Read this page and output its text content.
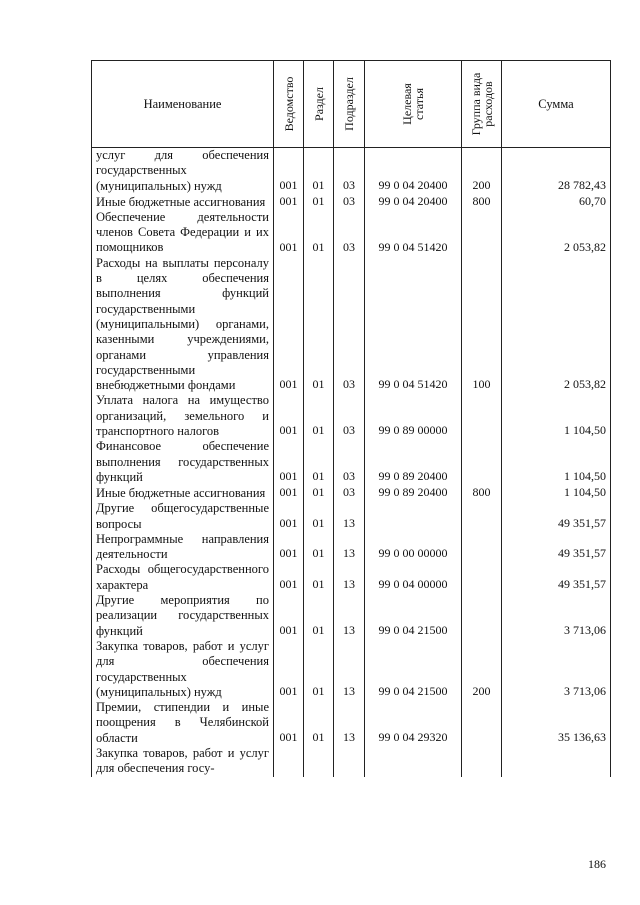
Наименование	Ведомство	Раздел	Подраздел	Целевая статья	Группа вида расходов	Сумма
услуг для обеспечения государственных (муниципальных) нужд	001	01	03	99 0 04 20400	200	28 782,43
Иные бюджетные ассигнования	001	01	03	99 0 04 20400	800	60,70
Обеспечение деятельности членов Совета Федерации и их помощников	001	01	03	99 0 04 51420		2 053,82
Расходы на выплаты персоналу в целях обеспечения выполнения функций государственными (муниципальными) органами, казенными учреждениями, органами управления государственными внебюджетными фондами	001	01	03	99 0 04 51420	100	2 053,82
Уплата налога на имущество организаций, земельного и транспортного налогов	001	01	03	99 0 89 00000		1 104,50
Финансовое обеспечение выполнения государственных функций	001	01	03	99 0 89 20400		1 104,50
Иные бюджетные ассигнования	001	01	03	99 0 89 20400	800	1 104,50
Другие общегосударственные вопросы	001	01	13			49 351,57
Непрограммные направления деятельности	001	01	13	99 0 00 00000		49 351,57
Расходы общегосударственного характера	001	01	13	99 0 04 00000		49 351,57
Другие мероприятия по реализации государственных функций	001	01	13	99 0 04 21500		3 713,06
Закупка товаров, работ и услуг для обеспечения государственных (муниципальных) нужд	001	01	13	99 0 04 21500	200	3 713,06
Премии, стипендии и иные поощрения в Челябинской области	001	01	13	99 0 04 29320		35 136,63
Закупка товаров, работ и услуг для обеспечения госу-						
186
